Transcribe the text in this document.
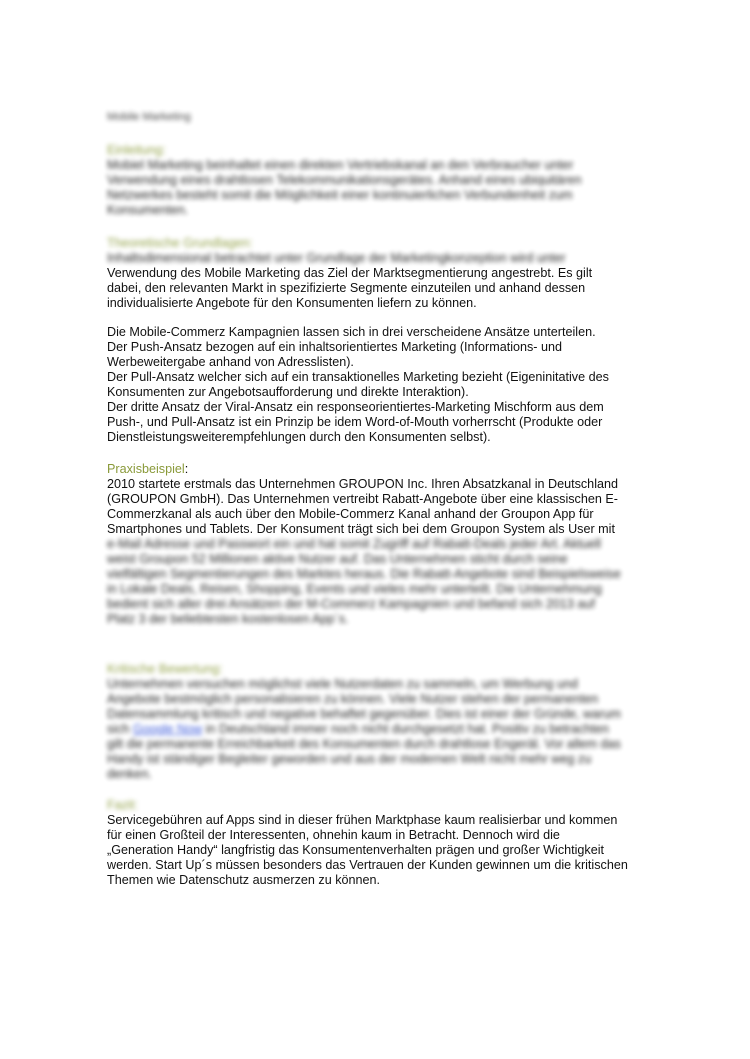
Mobile Marketing

Einleitung:

Mobiel Marketing beinhaltet einen direkten Vertriebskanal an den Verbraucher unter
Verwendung eines drahtlosen Telekommunikationsgerätes. Anhand eines ubiquitären
Netzwerkes besteht somit die Möglichkeit einer kontinuierlichen Verbundenheit zum
Konsumenten.

Theoretische Grundlagen:

Inhaltsdimensional betrachtet unter Grundlage der Marketingkonzeption wird unter
Verwendung des Mobile Marketing das Ziel der Marktsegmentierung angestrebt. Es gilt
dabei, den relevanten Markt in spezifizierte Segmente einzuteilen und anhand dessen
individualisierte Angebote für den Konsumenten liefern zu können.
Die Mobile-Commerz Kampagnien lassen sich in drei verscheidene Ansätze unterteilen.
Der Push-Ansatz bezogen auf ein inhaltsorientiertes Marketing (Informations- und
Werbeweitergabe anhand von Adresslisten).
Der Pull-Ansatz welcher sich auf ein transaktionelles Marketing bezieht (Eigeninitative des
Konsumenten zur Angebotsaufforderung und direkte Interaktion).
Der dritte Ansatz der Viral-Ansatz ein responseorientiertes-Marketing Mischform aus dem
Push-, und Pull-Ansatz ist ein Prinzip be idem Word-of-Mouth vorherrscht (Produkte oder
Dienstleistungsweiterempfehlungen durch den Konsumenten selbst).

Praxisbeispiel:

2010 startete erstmals das Unternehmen GROUPON Inc. Ihren Absatzkanal in Deutschland
(GROUPON GmbH). Das Unternehmen vertreibt Rabatt-Angebote über eine klassischen E-
Commerzkanal als auch über den Mobile-Commerz Kanal anhand der Groupon App für
Smartphones und Tablets. Der Konsument trägt sich bei dem Groupon System als User mit
e-Mail Adresse und Passwort ein und hat somit Zugriff auf Rabatt-Deals jeder Art. Aktuell
weist Groupon 52 Millionen aktive Nutzer auf. Das Unternehmen sticht durch seine
vielfältigen Segmentierungen des Marktes heraus. Die Rabatt-Angebote sind Beispielsweise
in Lokale Deals, Reisen, Shopping, Events und vieles mehr unterteilt. Die Unternehmung
bedient sich aller drei Ansätzen der M-Commerz Kampagnien und befand sich 2013 auf
Platz 3 der beliebtesten kostenlosen App´s.

Kritische Bewertung:

Unternehmen versuchen möglichst viele Nutzerdaten zu sammeln, um Werbung und
Angebote bestmöglich personalisieren zu können. Viele Nutzer stehen der permanenten
Datensammlung kritisch und negative behaftet gegenüber. Dies ist einer der Gründe, warum
sich Google Now in Deutschland immer noch nicht durchgesetzt hat. Positiv zu betrachten
gilt die permanente Erreichbarkeit des Konsumenten durch drahtlose Engeräl. Vor allem das
Handy ist ständiger Begleiter geworden und aus der modernen Welt nicht mehr weg zu
denken.

Fazit:

Servicegebühren auf Apps sind in dieser frühen Marktphase kaum realisierbar und kommen
für einen Großteil der Interessenten, ohnehin kaum in Betracht. Dennoch wird die
„Generation Handy“ langfristig das Konsumentenverhalten prägen und großer Wichtigkeit
werden. Start Up´s müssen besonders das Vertrauen der Kunden gewinnen um die kritischen
Themen wie Datenschutz ausmerzen zu können.
